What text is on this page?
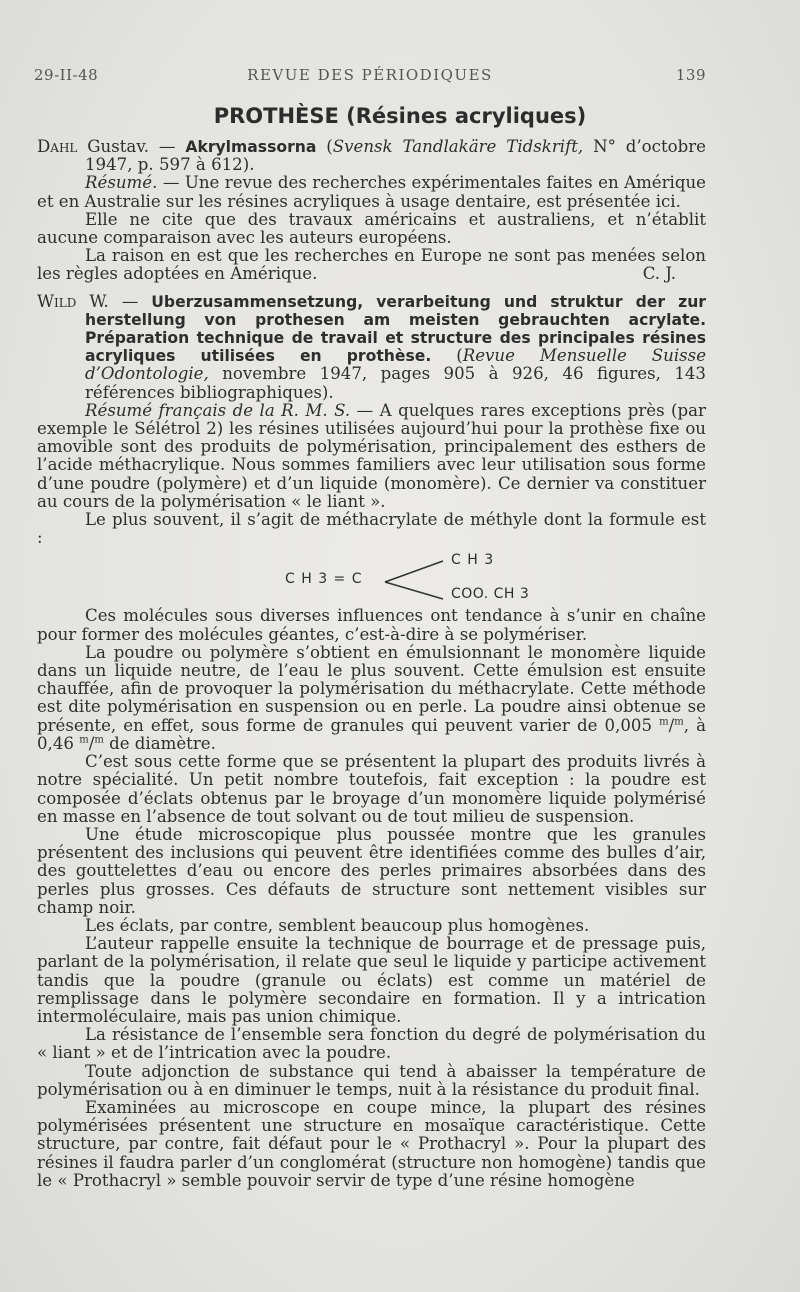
29-II-48	REVUE DES PÉRIODIQUES	139
PROTHÈSE (Résines acryliques)

Dahl Gustav. — Akrylmassorna (Svensk Tandlakäre Tidskrift, N° d’octobre 1947, p. 597 à 612).

Résumé. — Une revue des recherches expérimentales faites en Amérique et en Australie sur les résines acryliques à usage dentaire, est présentée ici.

Elle ne cite que des travaux américains et australiens, et n’établit aucune comparaison avec les auteurs européens.

La raison en est que les recherches en Europe ne sont pas menées selon les règles adoptées en Amérique.	C. J.

Wild W. — Uberzusammensetzung, verarbeitung und struktur der zur herstellung von prothesen am meisten gebrauchten acrylate. Préparation technique de travail et structure des principales résines acryliques utilisées en prothèse. (Revue Mensuelle Suisse d’Odontologie, novembre 1947, pages 905 à 926, 46 figures, 143 références bibliographiques).

Résumé français de la R. M. S. — A quelques rares exceptions près (par exemple le Sélétrol 2) les résines utilisées aujourd’hui pour la prothèse fixe ou amovible sont des produits de polymérisation, principalement des esthers de l’acide méthacrylique. Nous sommes familiers avec leur utilisation sous forme d’une poudre (polymère) et d’un liquide (monomère). Ce dernier va constituer au cours de la polymérisation « le liant ».

Le plus souvent, il s’agit de méthacrylate de méthyle dont la formule est :

C H 3 = C
C H 3
COO. CH 3

Ces molécules sous diverses influences ont tendance à s’unir en chaîne pour former des molécules géantes, c’est-à-dire à se polymériser.

La poudre ou polymère s’obtient en émulsionnant le monomère liquide dans un liquide neutre, de l’eau le plus souvent. Cette émulsion est ensuite chauffée, afin de provoquer la polymérisation du méthacrylate. Cette méthode est dite polymérisation en suspension ou en perle. La poudre ainsi obtenue se présente, en effet, sous forme de granules qui peuvent varier de 0,005 $^m$/$^m$, à 0,46 $^m$/$^m$ de diamètre.

C’est sous cette forme que se présentent la plupart des produits livrés à notre spécialité. Un petit nombre toutefois, fait exception : la poudre est composée d’éclats obtenus par le broyage d’un monomère liquide polymérisé en masse en l’absence de tout solvant ou de tout milieu de suspension.

Une étude microscopique plus poussée montre que les granules présentent des inclusions qui peuvent être identifiées comme des bulles d’air, des gouttelettes d’eau ou encore des perles primaires absorbées dans des perles plus grosses. Ces défauts de structure sont nettement visibles sur champ noir.

Les éclats, par contre, semblent beaucoup plus homogènes.

L’auteur rappelle ensuite la technique de bourrage et de pressage puis, parlant de la polymérisation, il relate que seul le liquide y participe activement tandis que la poudre (granule ou éclats) est comme un matériel de remplissage dans le polymère secondaire en formation. Il y a intrication intermoléculaire, mais pas union chimique.

La résistance de l’ensemble sera fonction du degré de polymérisation du « liant » et de l’intrication avec la poudre.

Toute adjonction de substance qui tend à abaisser la température de polymérisation ou à en diminuer le temps, nuit à la résistance du produit final.

Examinées au microscope en coupe mince, la plupart des résines polymérisées présentent une structure en mosaïque caractéristique. Cette structure, par contre, fait défaut pour le « Prothacryl ». Pour la plupart des résines il faudra parler d’un conglomérat (structure non homogène) tandis que le « Prothacryl » semble pouvoir servir de type d’une résine homogène
